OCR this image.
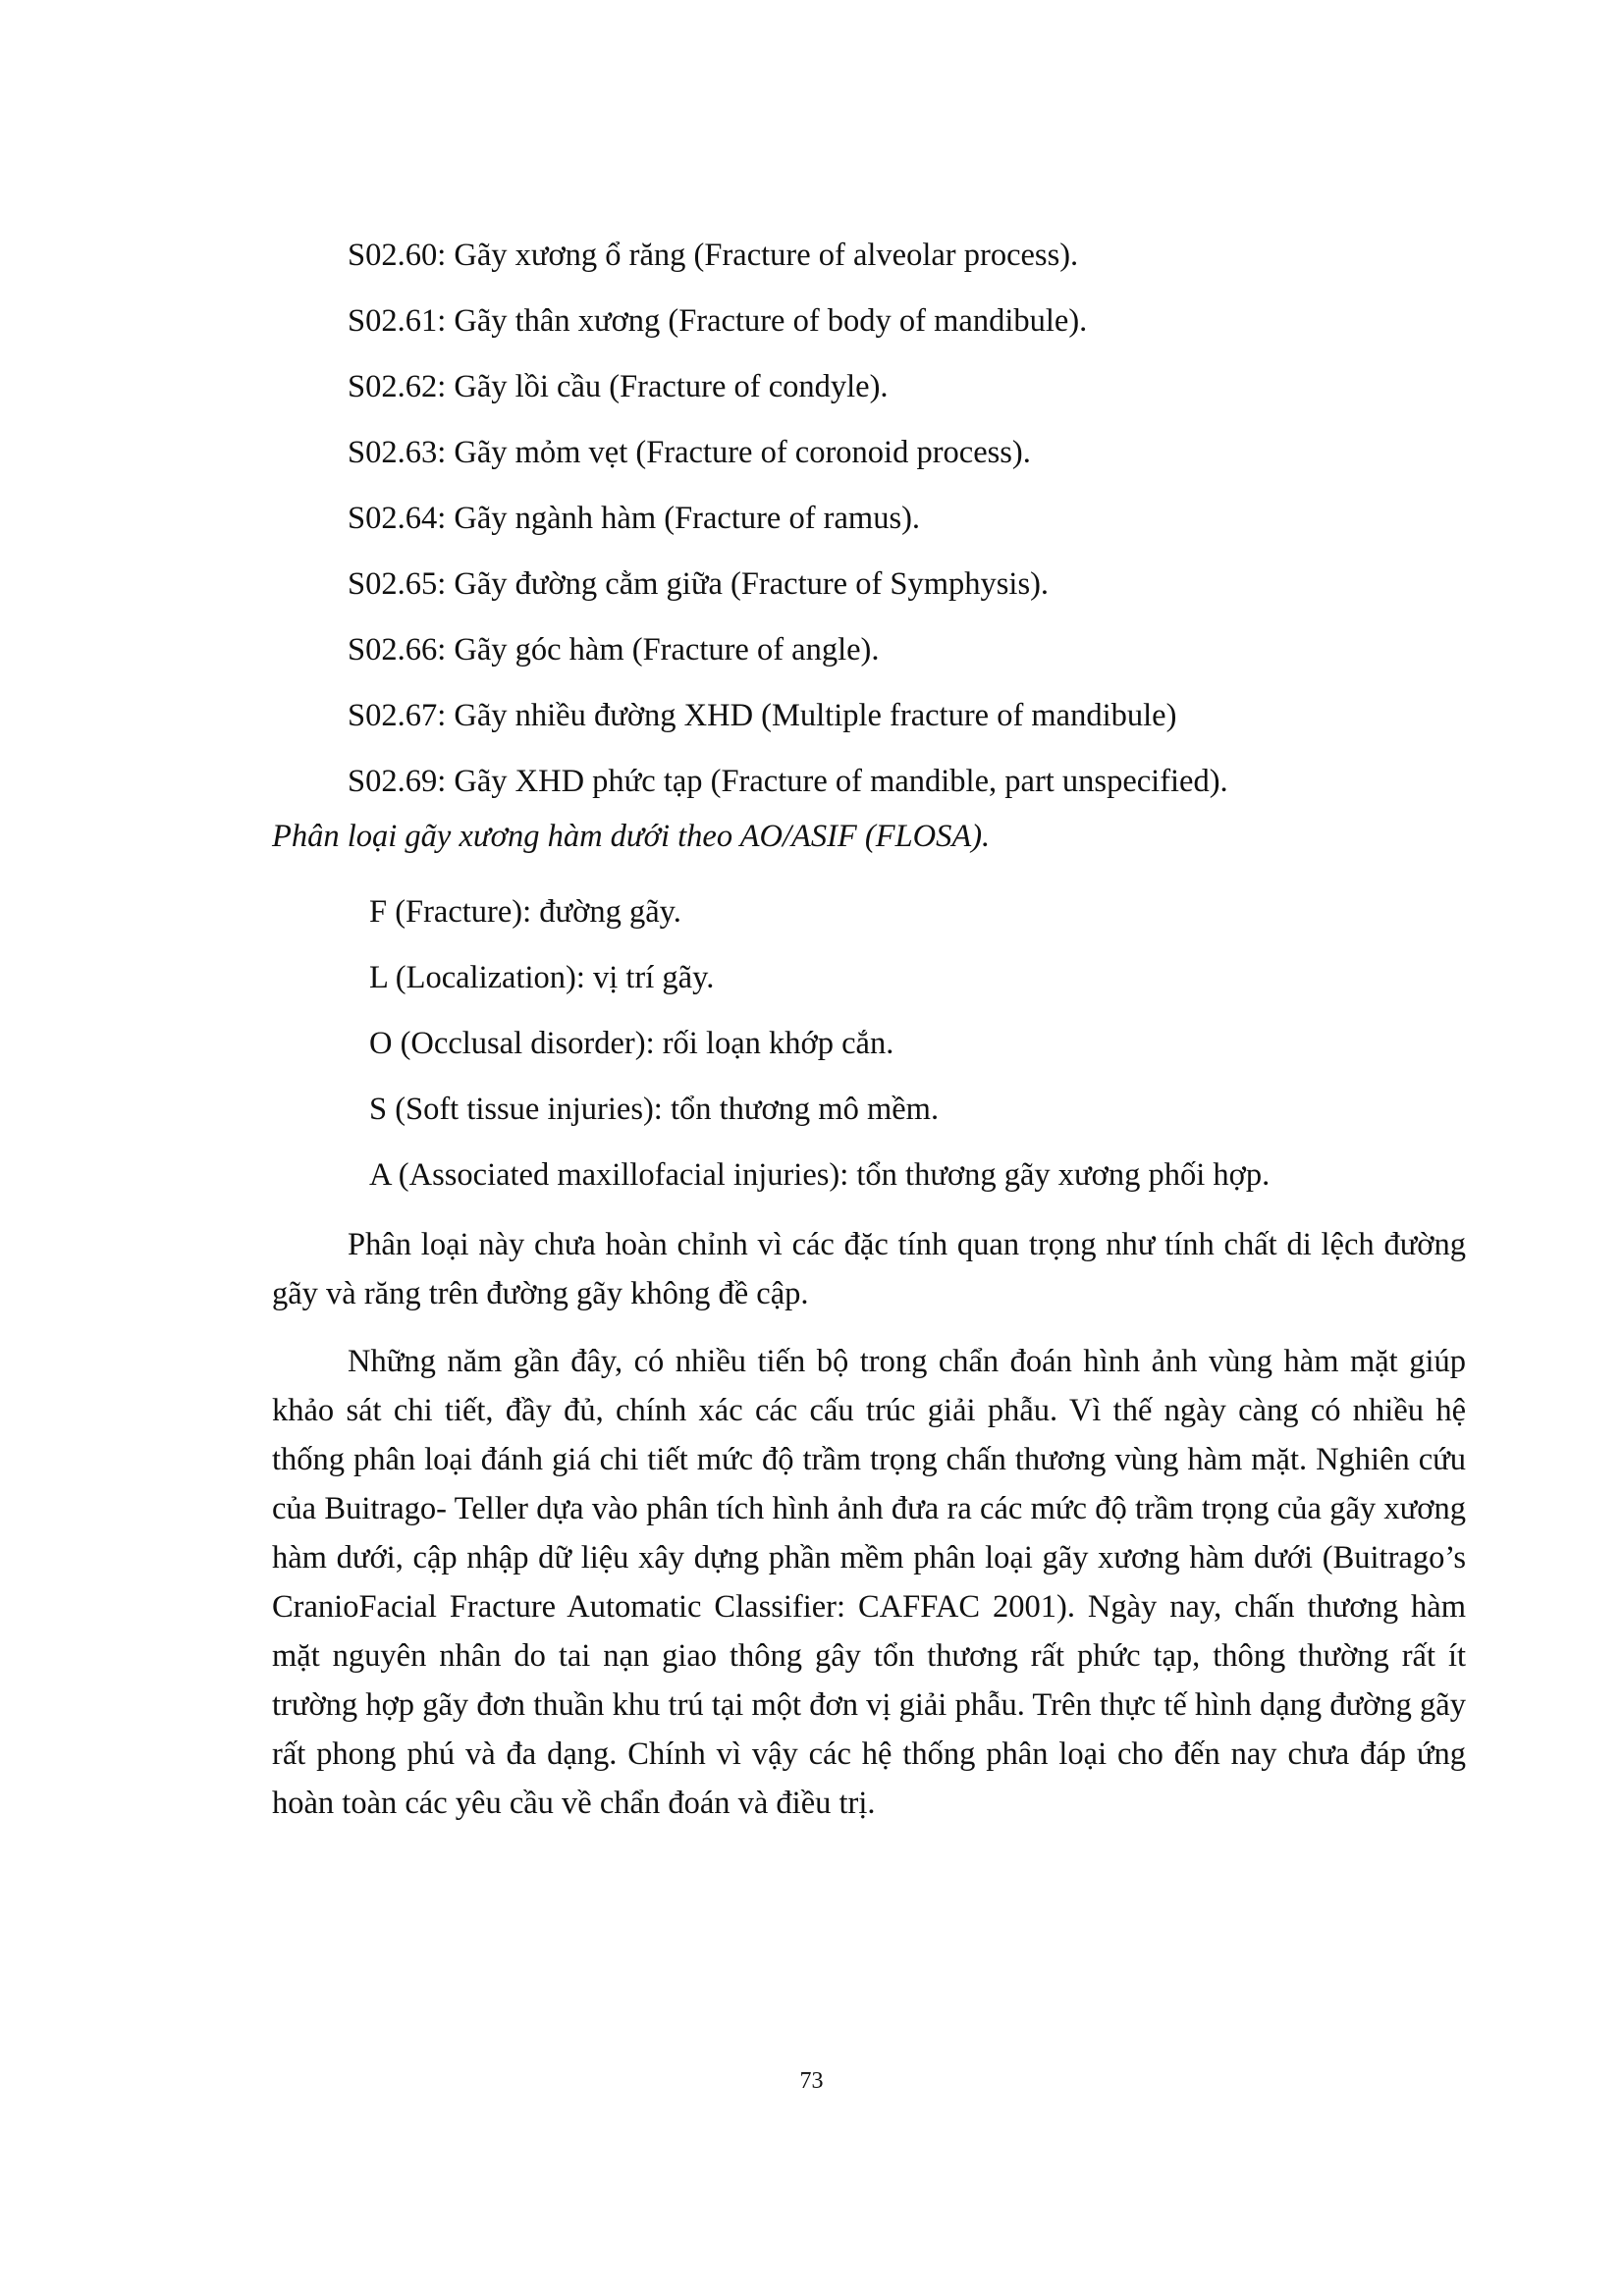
S02.60: Gãy xương ổ răng (Fracture of alveolar process).
S02.61: Gãy thân xương (Fracture of body of mandibule).
S02.62: Gãy lồi cầu (Fracture of condyle).
S02.63: Gãy mỏm vẹt (Fracture of coronoid process).
S02.64: Gãy ngành hàm (Fracture of ramus).
S02.65: Gãy đường cằm giữa (Fracture of Symphysis).
S02.66: Gãy góc hàm (Fracture of angle).
S02.67: Gãy nhiều đường XHD (Multiple fracture of mandibule)
S02.69: Gãy XHD phức tạp (Fracture of mandible, part unspecified).
Phân loại gãy xương hàm dưới theo AO/ASIF (FLOSA).
F (Fracture): đường gãy.
L (Localization): vị trí gãy.
O (Occlusal disorder): rối loạn khớp cắn.
S (Soft tissue injuries): tổn thương mô mềm.
A (Associated maxillofacial injuries): tổn thương gãy xương phối hợp.

Phân loại này chưa hoàn chỉnh vì các đặc tính quan trọng như tính chất di lệch đường gãy và răng trên đường gãy không đề cập.

Những năm gần đây, có nhiều tiến bộ trong chẩn đoán hình ảnh vùng hàm mặt giúp khảo sát chi tiết, đầy đủ, chính xác các cấu trúc giải phẫu. Vì thế ngày càng có nhiều hệ thống phân loại đánh giá chi tiết mức độ trầm trọng chấn thương vùng hàm mặt. Nghiên cứu của Buitrago- Teller dựa vào phân tích hình ảnh đưa ra các mức độ trầm trọng của gãy xương hàm dưới, cập nhập dữ liệu xây dựng phần mềm phân loại gãy xương hàm dưới (Buitrago’s CranioFacial Fracture Automatic Classifier: CAFFAC 2001). Ngày nay, chấn thương hàm mặt nguyên nhân do tai nạn giao thông gây tổn thương rất phức tạp, thông thường rất ít trường hợp gãy đơn thuần khu trú tại một đơn vị giải phẫu. Trên thực tế hình dạng đường gãy rất phong phú và đa dạng. Chính vì vậy các hệ thống phân loại cho đến nay chưa đáp ứng hoàn toàn các yêu cầu về chẩn đoán và điều trị.

73
